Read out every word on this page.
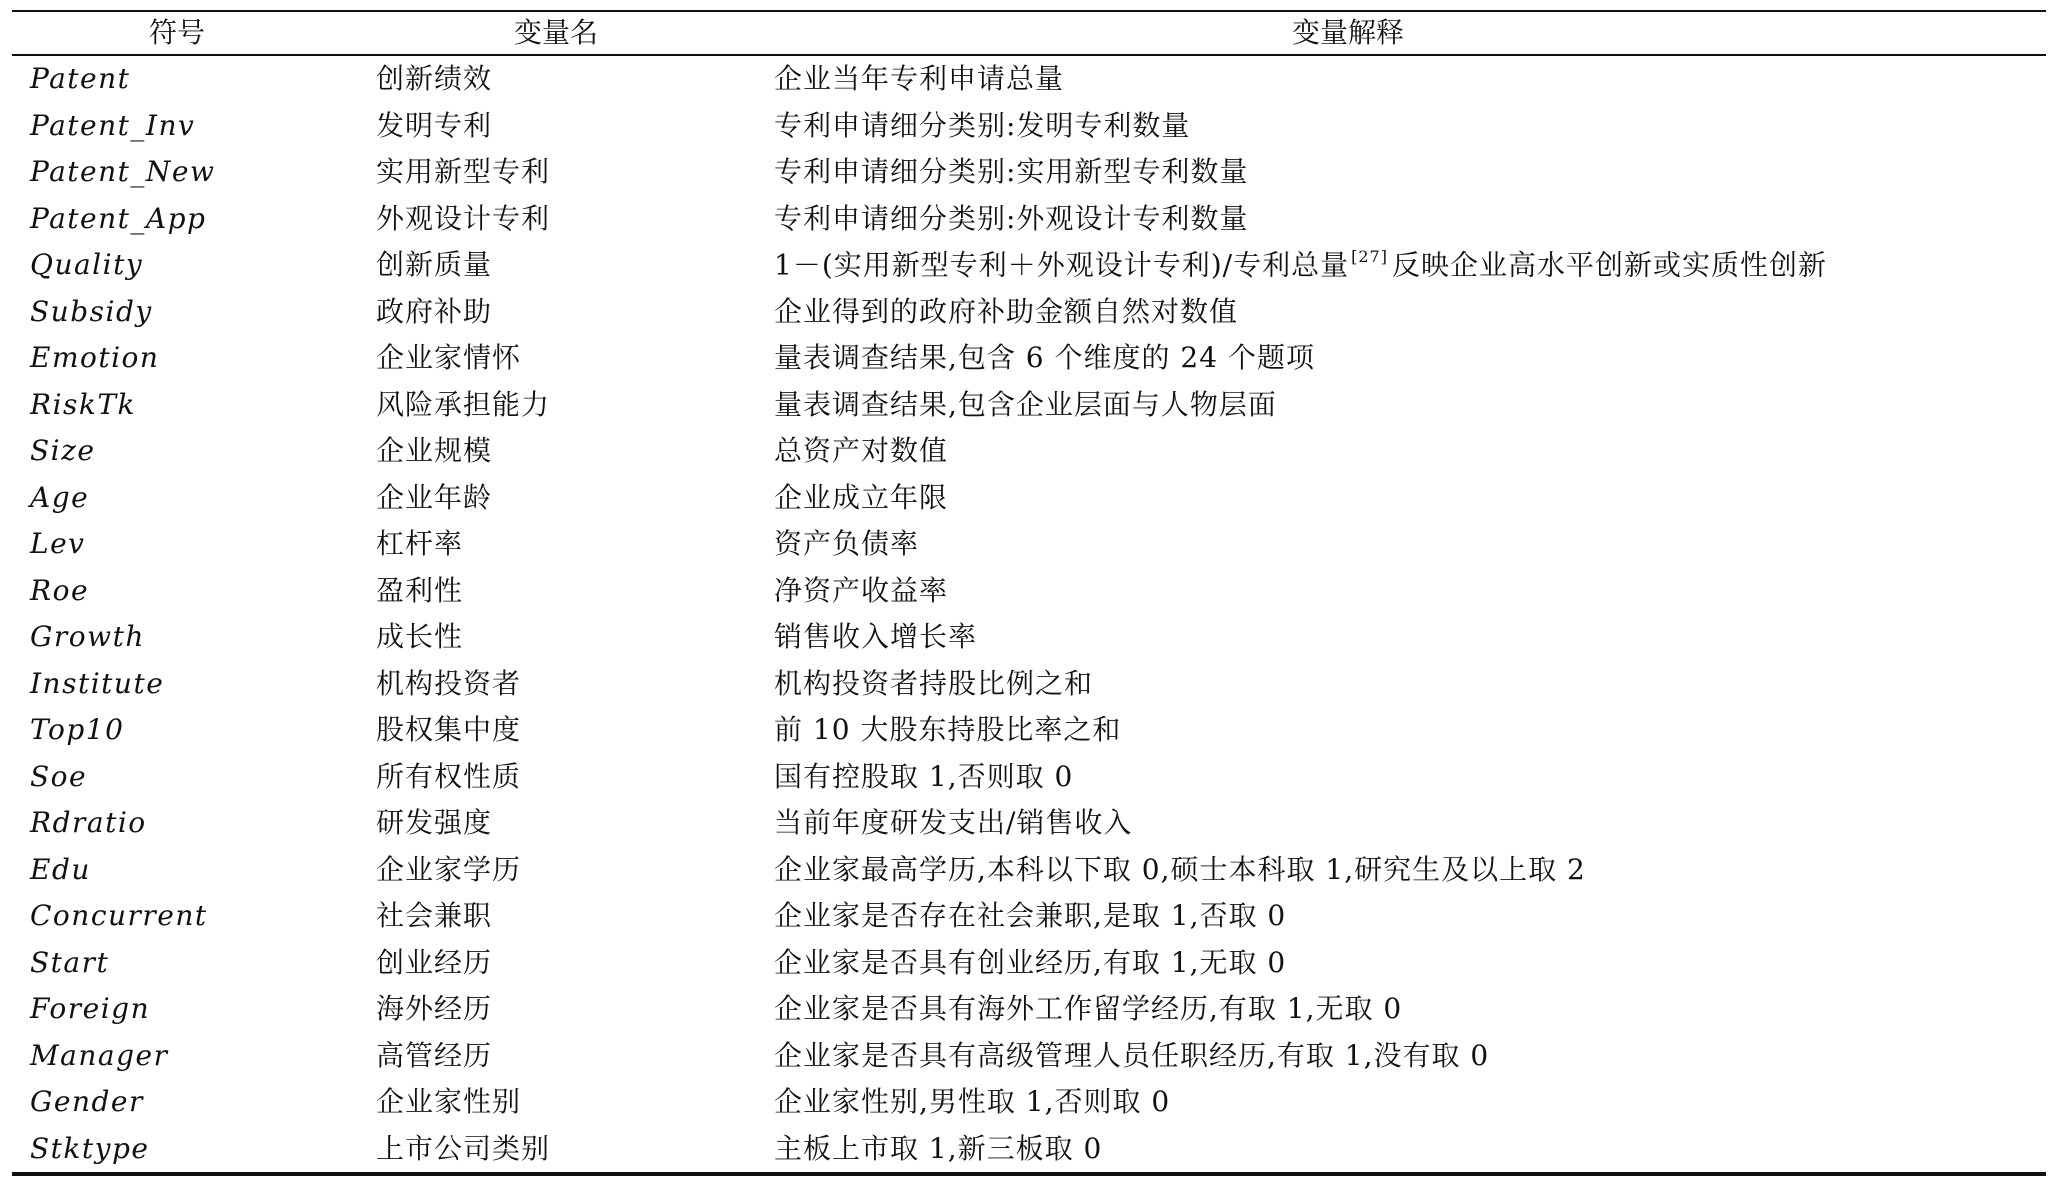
符号	变量名	变量解释
Patent	创新绩效	企业当年专利申请总量
Patent_Inv	发明专利	专利申请细分类别:发明专利数量
Patent_New	实用新型专利	专利申请细分类别:实用新型专利数量
Patent_App	外观设计专利	专利申请细分类别:外观设计专利数量
Quality	创新质量	1－(实用新型专利＋外观设计专利)/专利总量 [27] 反映企业高水平创新或实质性创新
Subsidy	政府补助	企业得到的政府补助金额自然对数值
Emotion	企业家情怀	量表调查结果,包含 6 个维度的 24 个题项
RiskTk	风险承担能力	量表调查结果,包含企业层面与人物层面
Size	企业规模	总资产对数值
Age	企业年龄	企业成立年限
Lev	杠杆率	资产负债率
Roe	盈利性	净资产收益率
Growth	成长性	销售收入增长率
Institute	机构投资者	机构投资者持股比例之和
Top10	股权集中度	前 10 大股东持股比率之和
Soe	所有权性质	国有控股取 1,否则取 0
Rdratio	研发强度	当前年度研发支出/销售收入
Edu	企业家学历	企业家最高学历,本科以下取 0,硕士本科取 1,研究生及以上取 2
Concurrent	社会兼职	企业家是否存在社会兼职,是取 1,否取 0
Start	创业经历	企业家是否具有创业经历,有取 1,无取 0
Foreign	海外经历	企业家是否具有海外工作留学经历,有取 1,无取 0
Manager	高管经历	企业家是否具有高级管理人员任职经历,有取 1,没有取 0
Gender	企业家性别	企业家性别,男性取 1,否则取 0
Stktype	上市公司类别	主板上市取 1,新三板取 0
